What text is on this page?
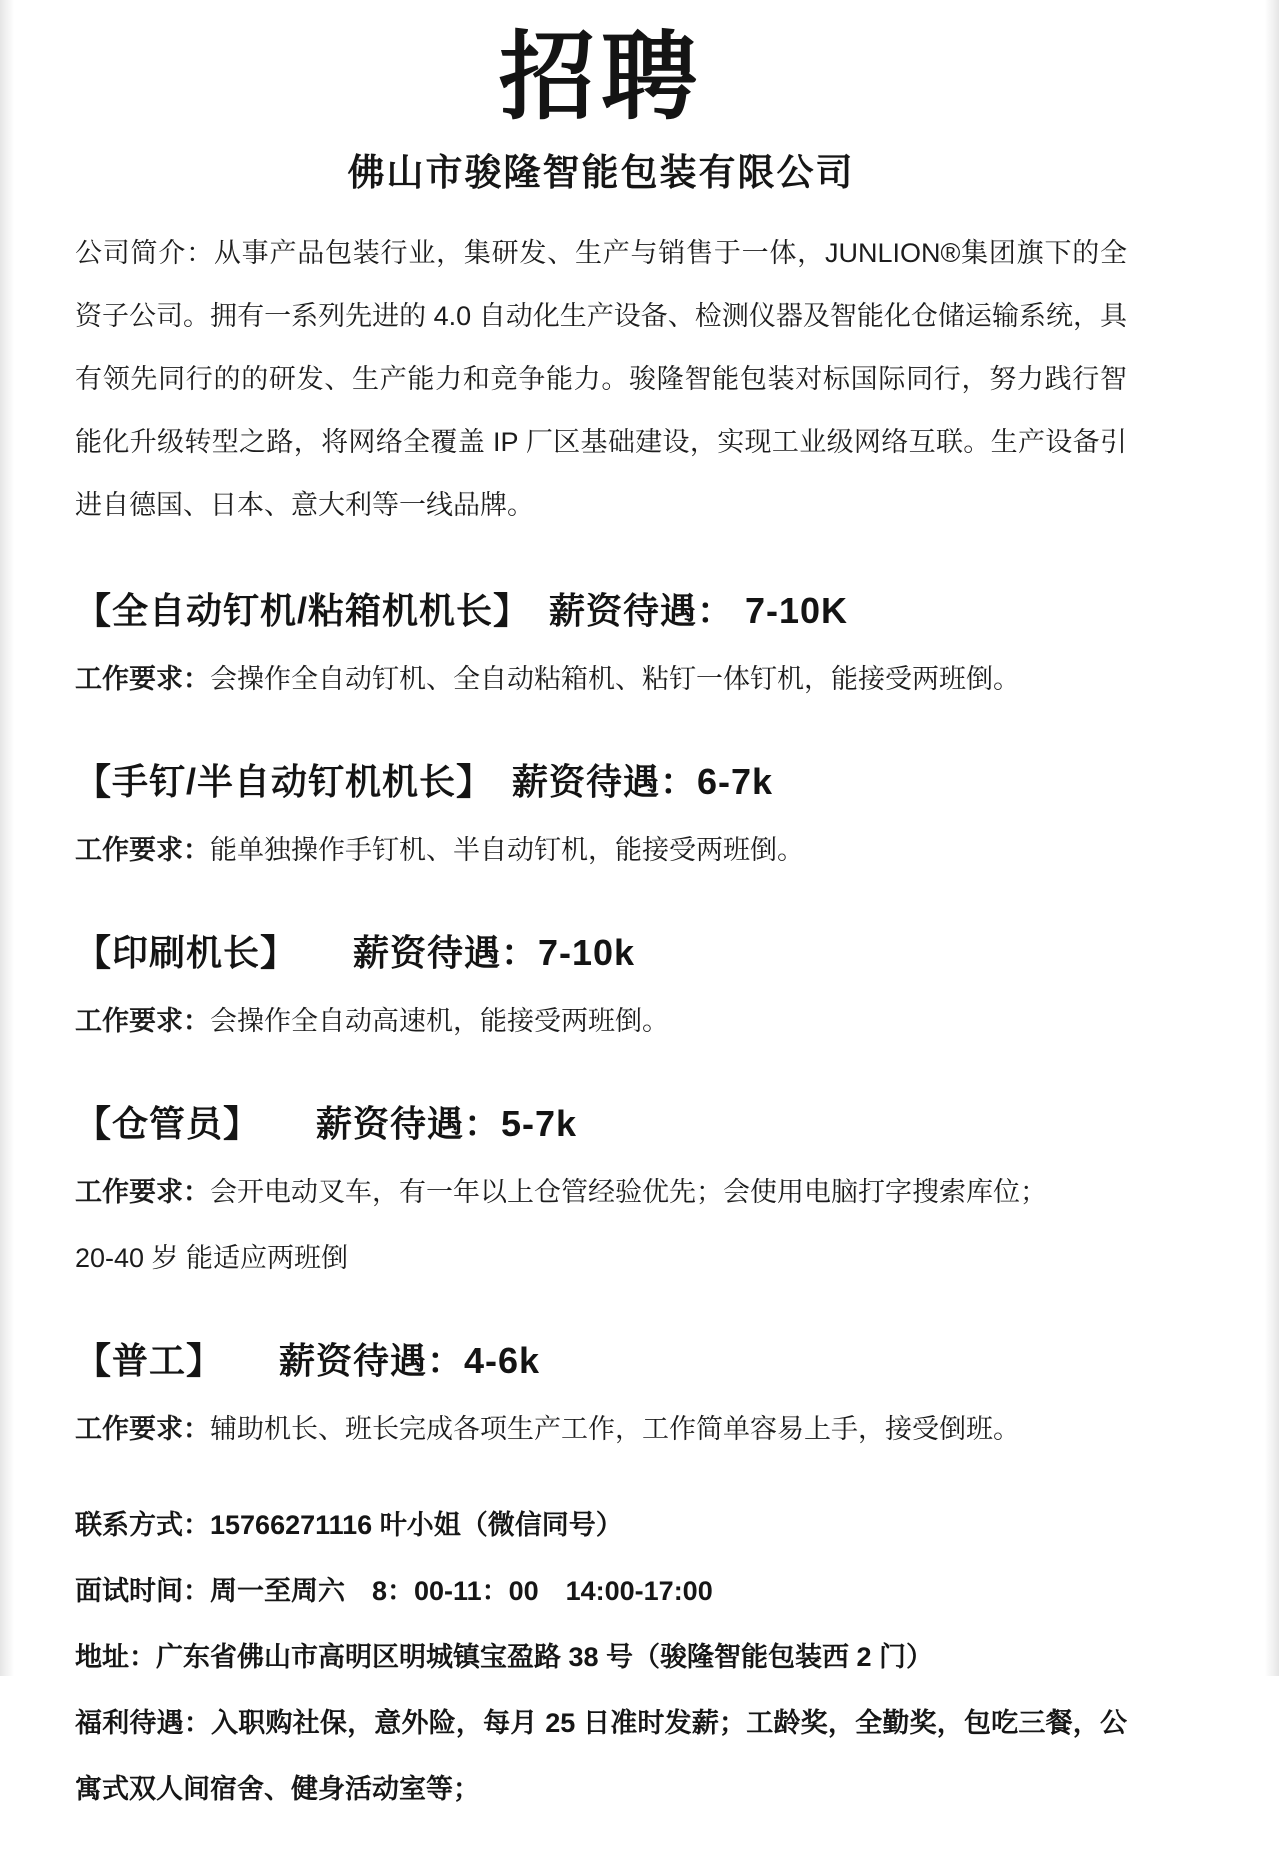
招聘
佛山市骏隆智能包装有限公司

公司简介：从事产品包装行业，集研发、生产与销售于一体，JUNLION®集团旗下的全资子公司。拥有一系列先进的 4.0 自动化生产设备、检测仪器及智能化仓储运输系统，具有领先同行的的研发、生产能力和竞争能力。骏隆智能包装对标国际同行，努力践行智能化升级转型之路，将网络全覆盖 IP 厂区基础建设，实现工业级网络互联。生产设备引进自德国、日本、意大利等一线品牌。

【全自动钉机/粘箱机机长】　薪资待遇： 7-10K

工作要求：会操作全自动钉机、全自动粘箱机、粘钉一体钉机，能接受两班倒。

【手钉/半自动钉机机长】　薪资待遇：6-7k

工作要求：能单独操作手钉机、半自动钉机，能接受两班倒。

【印刷机长】　　薪资待遇：7-10k

工作要求：会操作全自动高速机，能接受两班倒。

【仓管员】　　薪资待遇：5-7k

工作要求：会开电动叉车，有一年以上仓管经验优先；会使用电脑打字搜索库位；

20-40 岁 能适应两班倒

【普工】　　薪资待遇：4-6k

工作要求：辅助机长、班长完成各项生产工作，工作简单容易上手，接受倒班。

联系方式：15766271116 叶小姐（微信同号）

面试时间：周一至周六　8：00-11：00　14:00-17:00

地址：广东省佛山市高明区明城镇宝盈路 38 号（骏隆智能包装西 2 门）

福利待遇：入职购社保，意外险，每月 25 日准时发薪；工龄奖，全勤奖，包吃三餐，公寓式双人间宿舍、健身活动室等；
